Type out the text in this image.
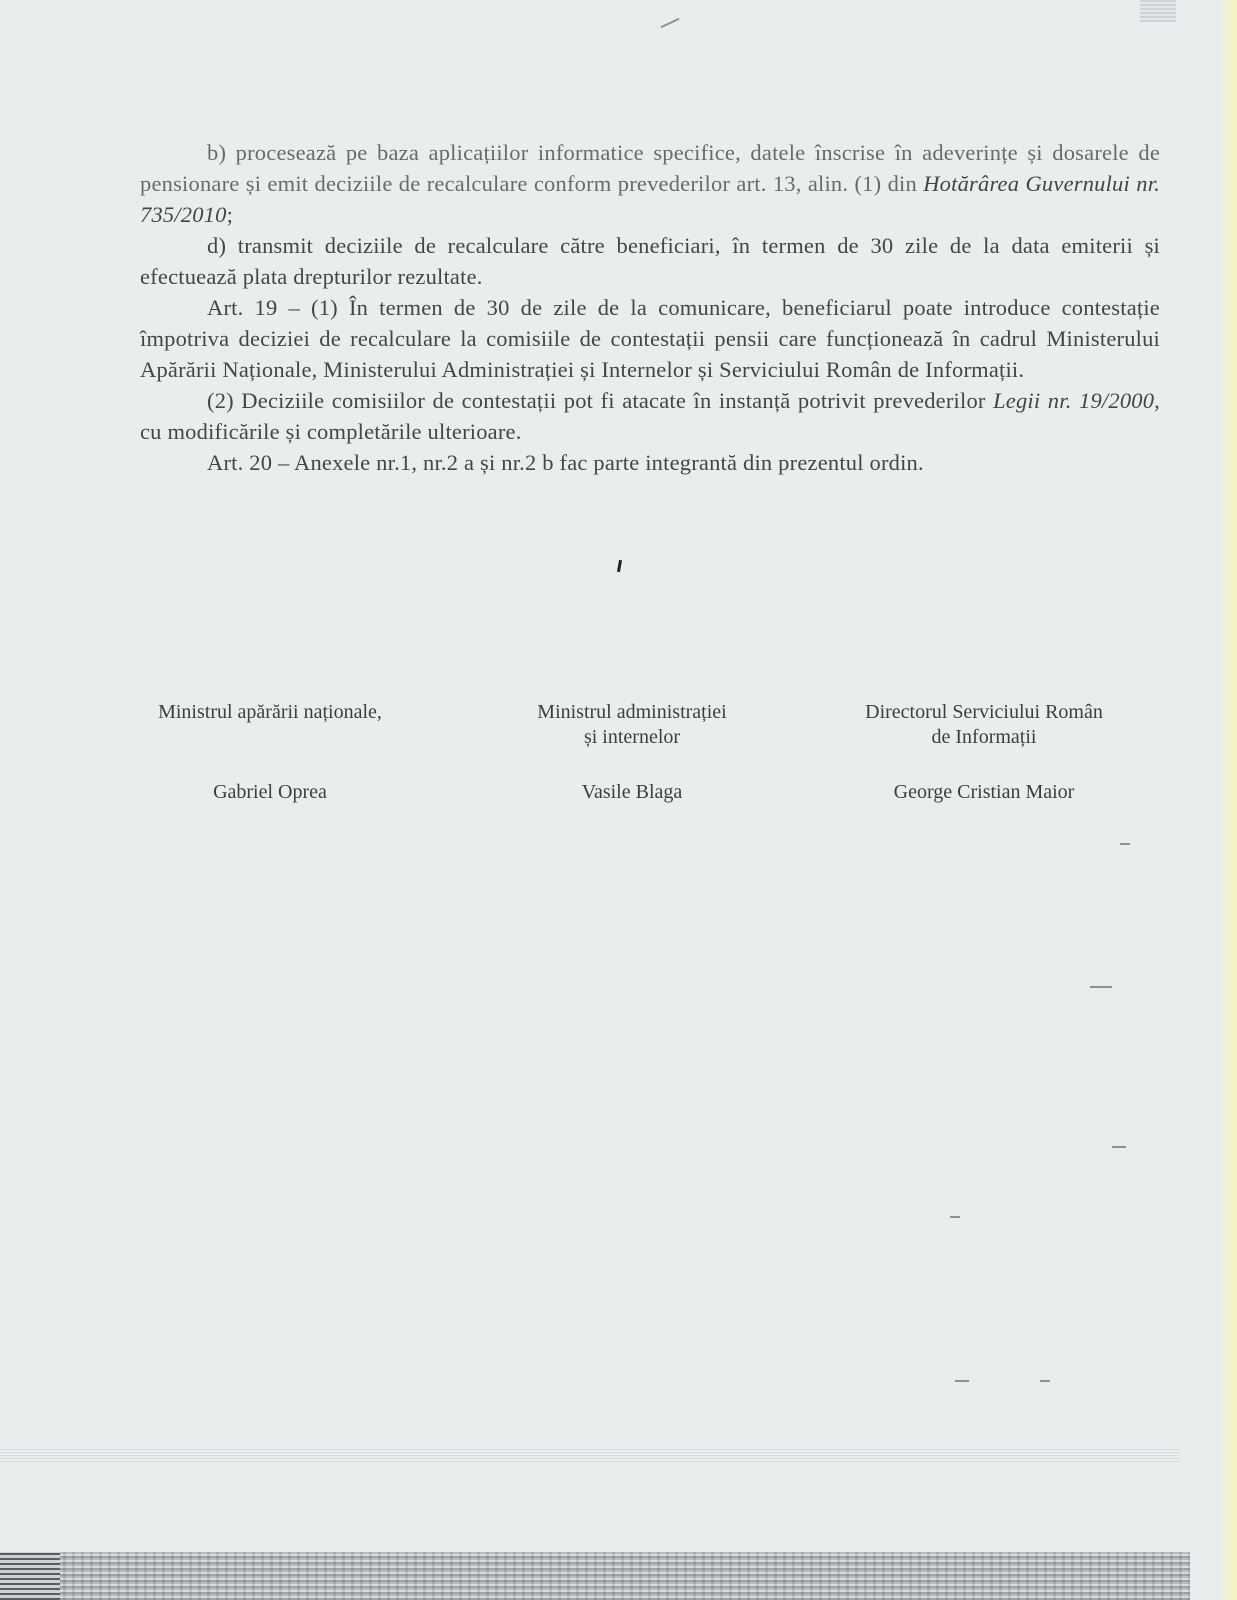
b) procesează pe baza aplicațiilor informatice specifice, datele înscrise în adeverințe și dosarele de pensionare și emit deciziile de recalculare conform prevederilor art. 13, alin. (1) din Hotărârea Guvernului nr. 735/2010;

d) transmit deciziile de recalculare către beneficiari, în termen de 30 zile de la data emiterii și efectuează plata drepturilor rezultate.

Art. 19 – (1) În termen de 30 de zile de la comunicare, beneficiarul poate introduce contestație împotriva deciziei de recalculare la comisiile de contestații pensii care funcționează în cadrul Ministerului Apărării Naționale, Ministerului Administrației și Internelor și Serviciului Român de Informații.

(2) Deciziile comisiilor de contestații pot fi atacate în instanță potrivit prevederilor Legii nr. 19/2000, cu modificările și completările ulterioare.

Art. 20 – Anexele nr.1, nr.2 a și nr.2 b fac parte integrantă din prezentul ordin.

Ministrul apărării naționale,

Gabriel Oprea

Ministrul administrației

și internelor

Vasile Blaga

Directorul Serviciului Român

de Informații

George Cristian Maior
